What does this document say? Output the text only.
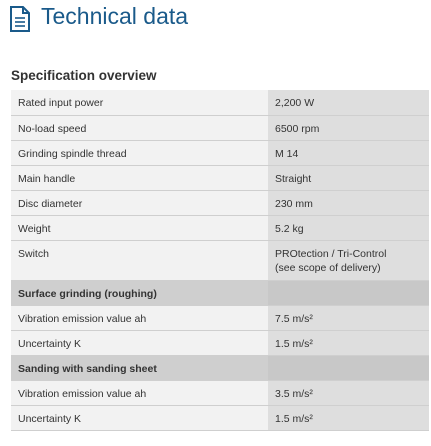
Technical data
Specification overview
Rated input power	2,200 W
No-load speed	6500 rpm
Grinding spindle thread	M 14
Main handle	Straight
Disc diameter	230 mm
Weight	5.2 kg
Switch	PROtection / Tri-Control
(see scope of delivery)

Surface grinding (roughing)	
Vibration emission value ah	7.5 m/s²
Uncertainty K	1.5 m/s²
Sanding with sanding sheet	
Vibration emission value ah	3.5 m/s²
Uncertainty K	1.5 m/s²
